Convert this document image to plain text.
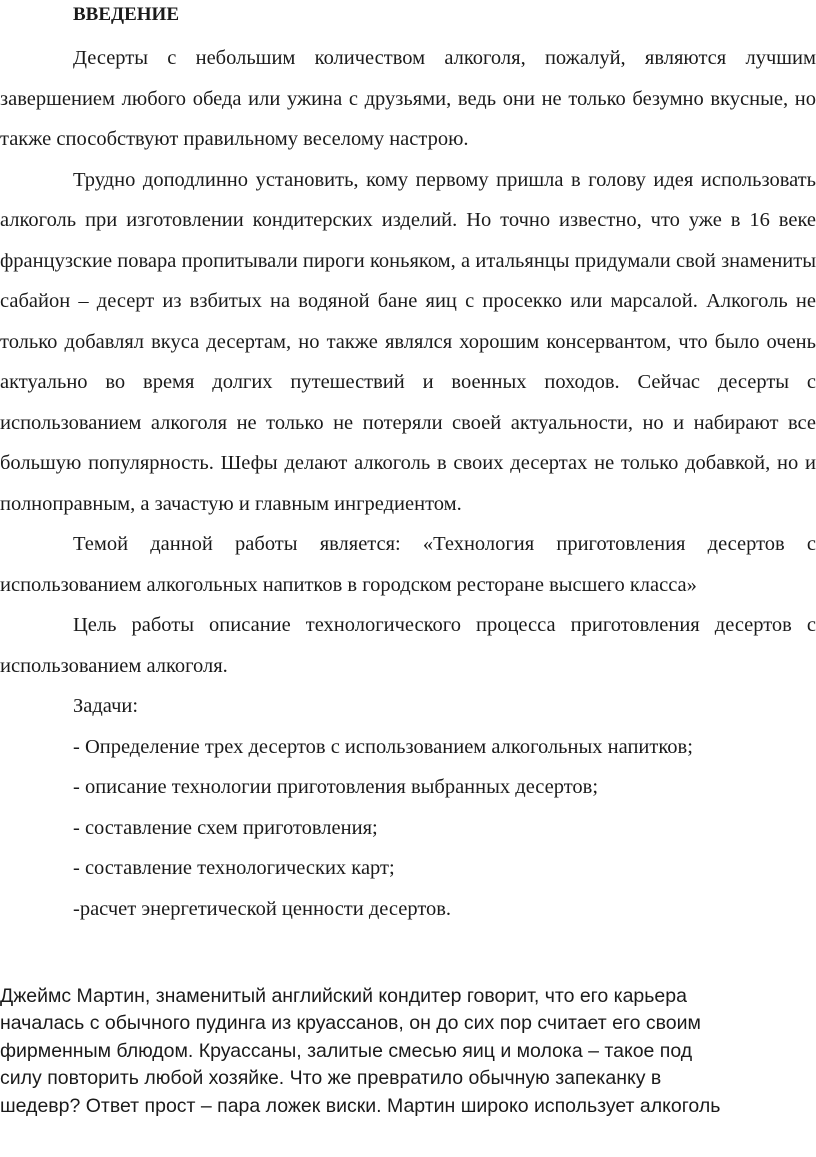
ВВЕДЕНИЕ

Десерты с небольшим количеством алкоголя, пожалуй, являются лучшим завершением любого обеда или ужина с друзьями, ведь они не только безумно вкусные, но также способствуют правильному веселому настрою.

Трудно доподлинно установить, кому первому пришла в голову идея использовать алкоголь при изготовлении кондитерских изделий. Но точно известно, что уже в 16 веке французские повара пропитывали пироги коньяком, а итальянцы придумали свой знамениты сабайон – десерт из взбитых на водяной бане яиц с просекко или марсалой. Алкоголь не только добавлял вкуса десертам, но также являлся хорошим консервантом, что было очень актуально во время долгих путешествий и военных походов. Сейчас десерты с использованием алкоголя не только не потеряли своей актуальности, но и набирают все большую популярность. Шефы делают алкоголь в своих десертах не только добавкой, но и полноправным, а зачастую и главным ингредиентом.

Темой данной работы является: «Технология приготовления десертов с использованием алкогольных напитков в городском ресторане высшего класса»

Цель работы описание технологического процесса приготовления десертов с использованием алкоголя.

Задачи:

- Определение трех десертов с использованием алкогольных напитков;

- описание технологии приготовления выбранных десертов;

- составление схем приготовления;

- составление технологических карт;

-расчет энергетической ценности десертов.

Джеймс Мартин, знаменитый английский кондитер говорит, что его карьера

началась с обычного пудинга из круассанов, он до сих пор считает его своим

фирменным блюдом. Круассаны, залитые смесью яиц и молока – такое под

силу повторить любой хозяйке. Что же превратило обычную запеканку в

шедевр? Ответ прост – пара ложек виски. Мартин широко использует алкоголь
